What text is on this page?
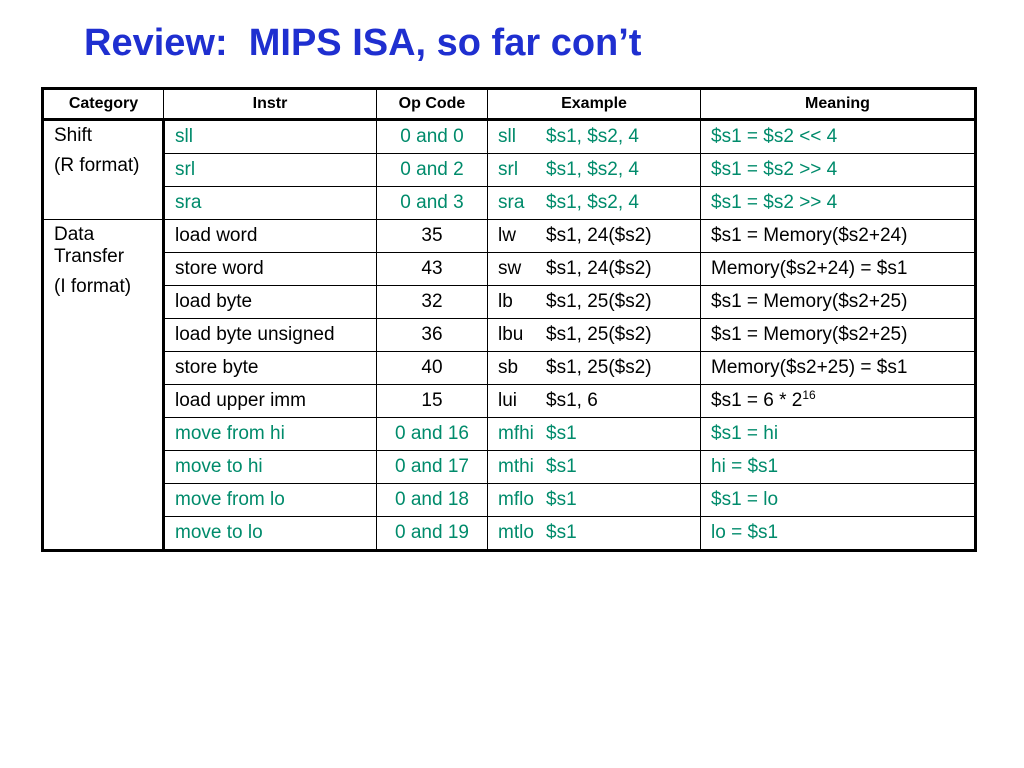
Review:  MIPS ISA, so far con’t
Category	Instr	Op Code	Example	Meaning

Shift
(R format)	sll	0 and 0	sll $s1, $s2, 4	$s1 = $s2 << 4
	srl	0 and 2	srl $s1, $s2, 4	$s1 = $s2 >> 4
	sra	0 and 3	sra $s1, $s2, 4	$s1 = $s2 >> 4

Data Transfer
(I format)	load word	35	lw $s1, 24($s2)	$s1 = Memory($s2+24)
	store word	43	sw $s1, 24($s2)	Memory($s2+24) = $s1
	load byte	32	lb $s1, 25($s2)	$s1 = Memory($s2+25)
	load byte unsigned	36	lbu $s1, 25($s2)	$s1 = Memory($s2+25)
	store byte	40	sb $s1, 25($s2)	Memory($s2+25) = $s1
	load upper imm	15	lui $s1, 6	$s1 = $6 * 2^{16}$
	move from hi	0 and 16	mfhi $s1	$s1 = hi
	move to hi	0 and 17	mthi $s1	hi = $s1
	move from lo	0 and 18	mflo $s1	$s1 = lo
	move to lo	0 and 19	mtlo $s1	lo = $s1
